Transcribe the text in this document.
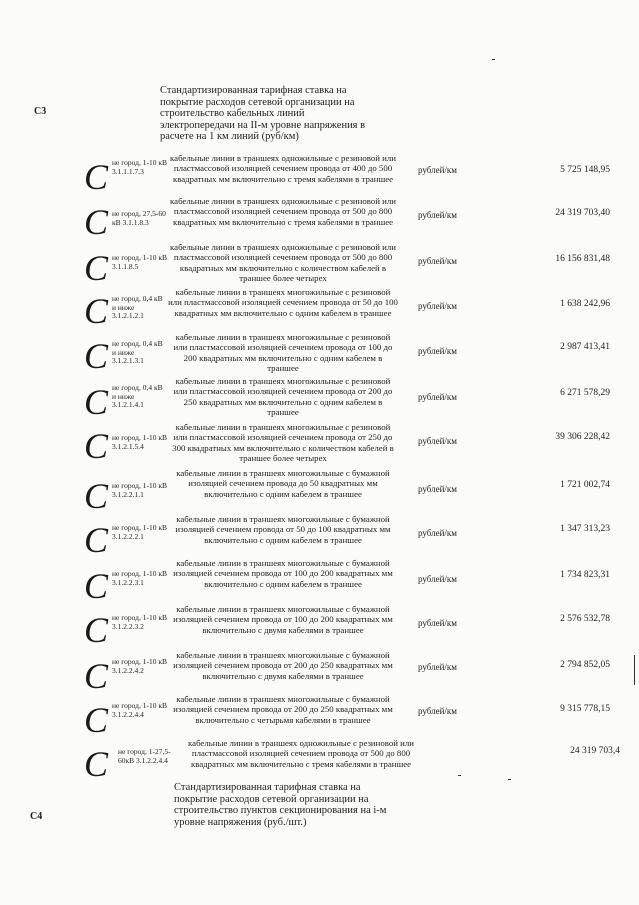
C3
Стандартизированная тарифная ставка на покрытие расходов сетевой организации на строительство кабельных линий электропередачи на II-м уровне напряжения в расчете на 1 км линий (руб/км)
C не город, 1-10 кВ 3.1.1.1.7.3
кабельные линии в траншеях одножильные с резиновой или пластмассовой изоляцией сечением провода от 400 до 500 квадратных мм включительно с тремя кабелями в траншее
рублей/км	5 725 148,95
C не город, 27,5-60 кВ 3.1.1.8.3
кабельные линии в траншеях одножильные с резиновой или пластмассовой изоляцией сечением провода от 500 до 800 квадратных мм включительно с тремя кабелями в траншее
рублей/км	24 319 703,40
C не город, 1-10 кВ 3.1.1.8.5
кабельные линии в траншеях одножильные с резиновой или пластмассовой изоляцией сечением провода от 500 до 800 квадратных мм включительно с количеством кабелей в траншее более четырех
рублей/км	16 156 831,48
C не город, 0,4 кВ и ниже 3.1.2.1.2.1
кабельные линии в траншеях многожильные с резиновой или пластмассовой изоляцией сечением провода от 50 до 100 квадратных мм включительно с одним кабелем в траншее
рублей/км	1 638 242,96
C не город, 0,4 кВ и ниже 3.1.2.1.3.1
кабельные линии в траншеях многожильные с резиновой или пластмассовой изоляцией сечением провода от 100 до 200 квадратных мм включительно с одним кабелем в траншее
рублей/км	2 987 413,41
C не город, 0,4 кВ и ниже 3.1.2.1.4.1
кабельные линии в траншеях многожильные с резиновой или пластмассовой изоляцией сечением провода от 200 до 250 квадратных мм включительно с одним кабелем в траншее
рублей/км	6 271 578,29
C не город, 1-10 кВ 3.1.2.1.5.4
кабельные линии в траншеях многожильные с резиновой или пластмассовой изоляцией сечением провода от 250 до 300 квадратных мм включительно с количеством кабелей в траншее более четырех
рублей/км	39 306 228,42
C не город, 1-10 кВ 3.1.2.2.1.1
кабельные линии в траншеях многожильные с бумажной изоляцией сечением провода до 50 квадратных мм включительно с одним кабелем в траншее	рублей/км	1 721 002,74
C не город, 1-10 кВ 3.1.2.2.2.1
кабельные линии в траншеях многожильные с бумажной изоляцией сечением провода от 50 до 100 квадратных мм включительно с одним кабелем в траншее
рублей/км	1 347 313,23
C не город, 1-10 кВ 3.1.2.2.3.1
кабельные линии в траншеях многожильные с бумажной изоляцией сечением провода от 100 до 200 квадратных мм включительно с одним кабелем в траншее	рублей/км	1 734 823,31
C не город, 1-10 кВ 3.1.2.2.3.2
кабельные линии в траншеях многожильные с бумажной изоляцией сечением провода от 100 до 200 квадратных мм включительно с двумя кабелями в траншее
рублей/км	2 576 532,78
C не город, 1-10 кВ 3.1.2.2.4.2
кабельные линии в траншеях многожильные с бумажной изоляцией сечением провода от 200 до 250 квадратных мм включительно с двумя кабелями в траншее
рублей/км	2 794 852,05
C не город, 1-10 кВ 3.1.2.2.4.4
кабельные линии в траншеях многожильные с бумажной изоляцией сечением провода от 200 до 250 квадратных мм включительно с четырьмя кабелями в траншее
рублей/км	9 315 778,15
C не город, 1-27,5-60кВ 3.1.2.2.4.4
кабельные линии в траншеях одножильные с резиновой или пластмассовой изоляцией сечением провода от 500 до 800 квадратных мм включительно с тремя кабелями в траншее
24 319 703,4
C4
Стандартизированная тарифная ставка на покрытие расходов сетевой организации на строительство пунктов секционирования на i-м уровне напряжения (руб./шт.)
